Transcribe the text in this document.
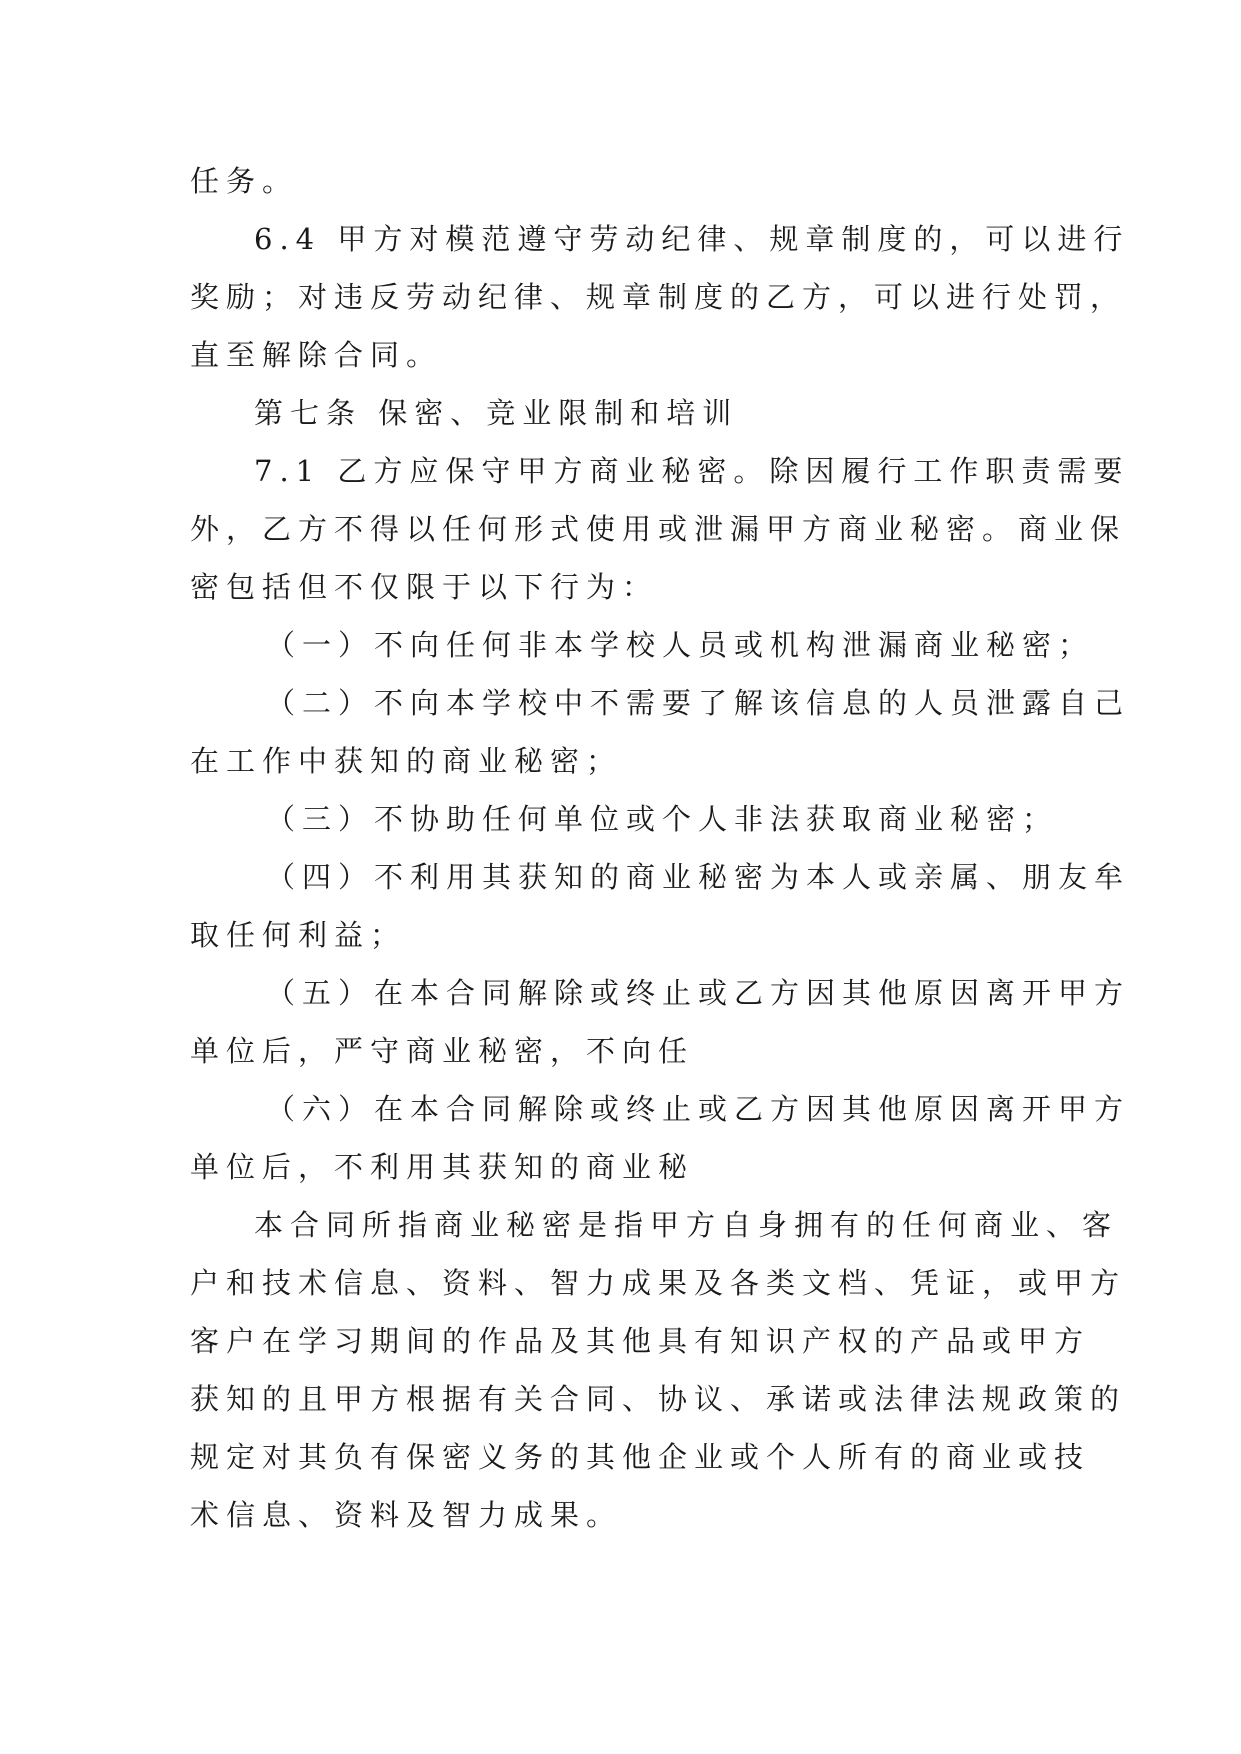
任务。
6.4 甲方对模范遵守劳动纪律、规章制度的，可以进行
奖励；对违反劳动纪律、规章制度的乙方，可以进行处罚，
直至解除合同。
第七条 保密、竞业限制和培训
7.1 乙方应保守甲方商业秘密。除因履行工作职责需要
外，乙方不得以任何形式使用或泄漏甲方商业秘密。商业保
密包括但不仅限于以下行为：
（一）不向任何非本学校人员或机构泄漏商业秘密；
（二）不向本学校中不需要了解该信息的人员泄露自己
在工作中获知的商业秘密；
（三）不协助任何单位或个人非法获取商业秘密；
（四）不利用其获知的商业秘密为本人或亲属、朋友牟
取任何利益；
（五）在本合同解除或终止或乙方因其他原因离开甲方
单位后，严守商业秘密，不向任
（六）在本合同解除或终止或乙方因其他原因离开甲方
单位后，不利用其获知的商业秘
本合同所指商业秘密是指甲方自身拥有的任何商业、客
户和技术信息、资料、智力成果及各类文档、凭证，或甲方
客户在学习期间的作品及其他具有知识产权的产品或甲方
获知的且甲方根据有关合同、协议、承诺或法律法规政策的
规定对其负有保密义务的其他企业或个人所有的商业或技
术信息、资料及智力成果。
